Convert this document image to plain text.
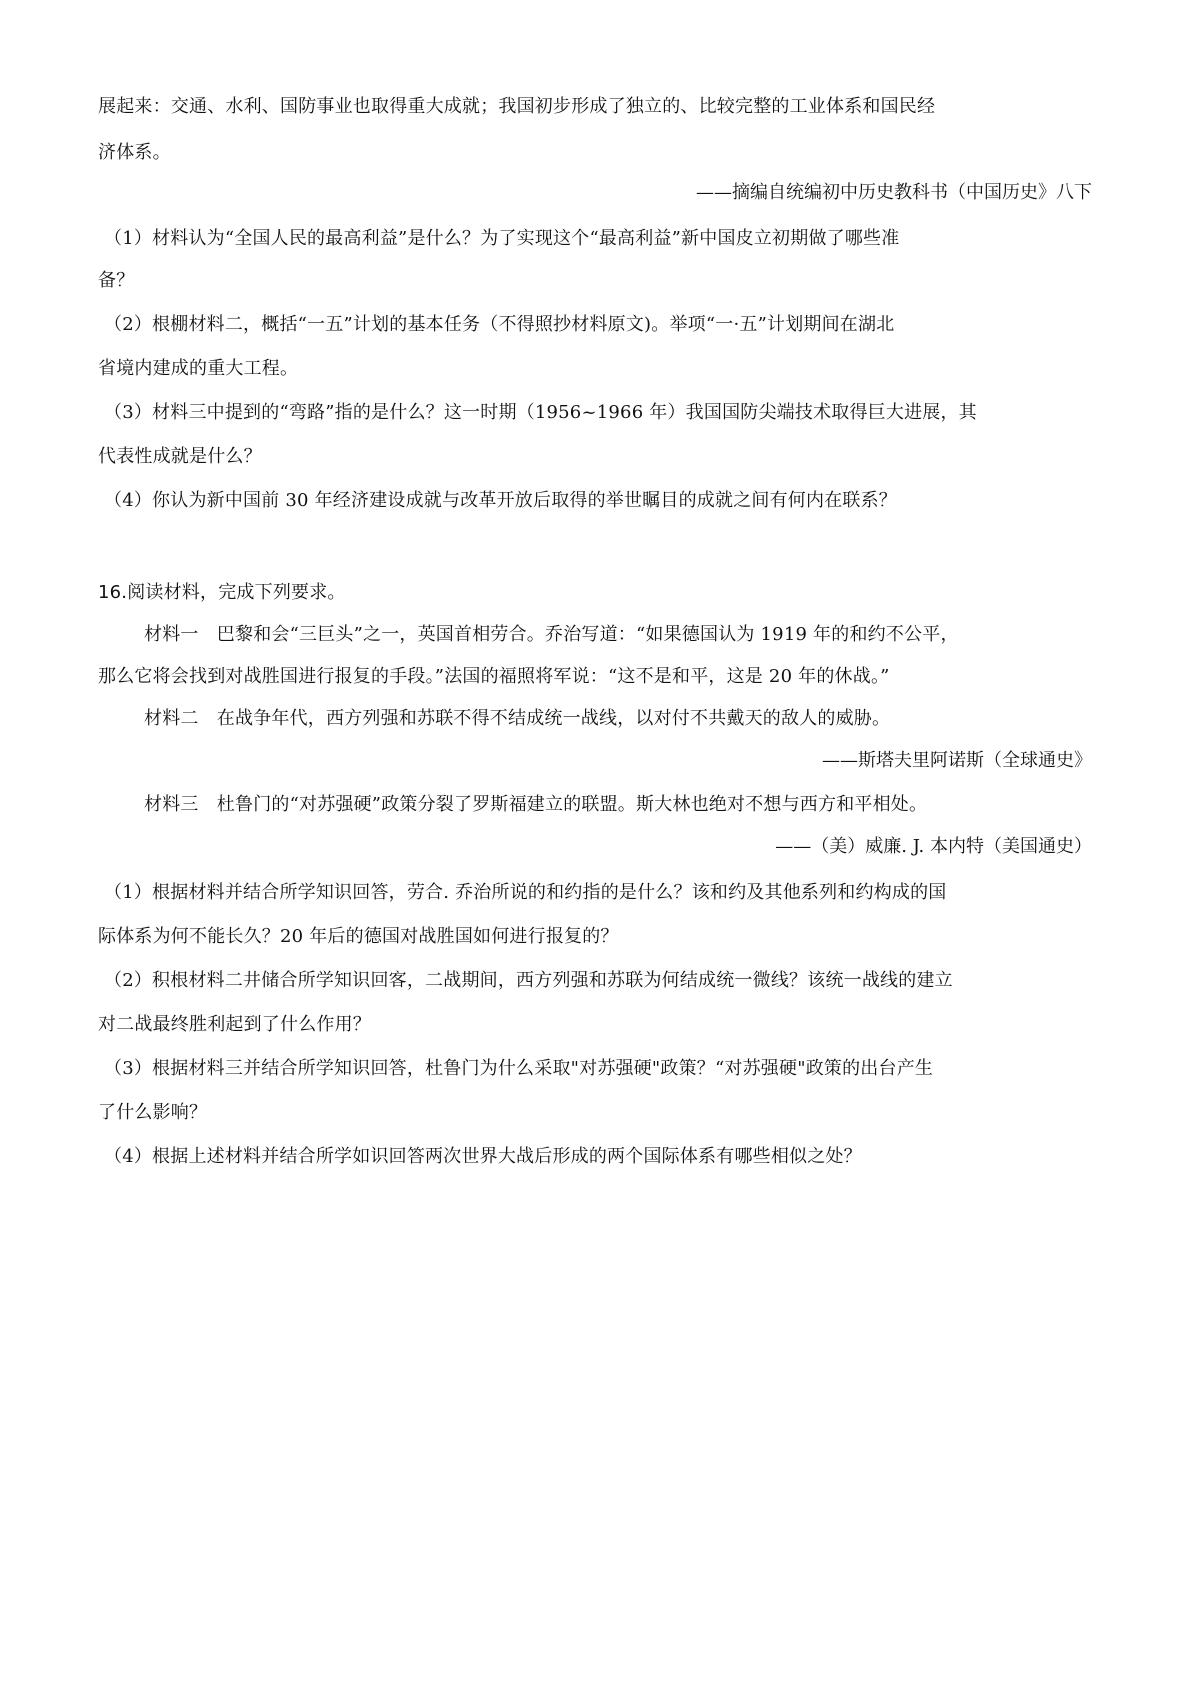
展起来：交通、水利、国防事业也取得重大成就；我国初步形成了独立的、比较完整的工业体系和国民经
济体系。
——摘编自统编初中历史教科书（中国历史》八下
（1）材料认为“全国人民的最高利益”是什么？为了实现这个“最高利益”新中国皮立初期做了哪些准
备？
（2）根棚材料二，概括“一五”计划的基本任务（不得照抄材料原文)。举项“一·五”计划期间在湖北
省境内建成的重大工程。
（3）材料三中提到的“弯路”指的是什么？这一时期（1956~1966 年）我国国防尖端技术取得巨大进展，其
代表性成就是什么？
（4）你认为新中国前 30 年经济建设成就与改革开放后取得的举世瞩目的成就之间有何内在联系？
16.阅读材料，完成下列要求。
材料一　巴黎和会“三巨头”之一，英国首相劳合。乔治写道：“如果德国认为 1919 年的和约不公平，
那么它将会找到对战胜国进行报复的手段。”法国的福照将军说：“这不是和平，这是 20 年的休战。”
材料二　在战争年代，西方列强和苏联不得不结成统一战线，以对付不共戴天的敌人的威胁。
——斯塔夫里阿诺斯（全球通史》
材料三　杜鲁门的“对苏强硬”政策分裂了罗斯福建立的联盟。斯大林也绝对不想与西方和平相处。
——（美）威廉. J. 本内特（美国通史）
（1）根据材料并结合所学知识回答，劳合. 乔治所说的和约指的是什么？该和约及其他系列和约构成的国
际体系为何不能长久？20 年后的德国对战胜国如何进行报复的？
（2）积根材料二井储合所学知识回客，二战期间，西方列强和苏联为何结成统一微线？该统一战线的建立
对二战最终胜利起到了什么作用？
（3）根据材料三并结合所学知识回答，杜鲁门为什么采取"对苏强硬"政策？“对苏强硬"政策的出台产生
了什么影响？
（4）根据上述材料并结合所学如识回答两次世界大战后形成的两个国际体系有哪些相似之处？
